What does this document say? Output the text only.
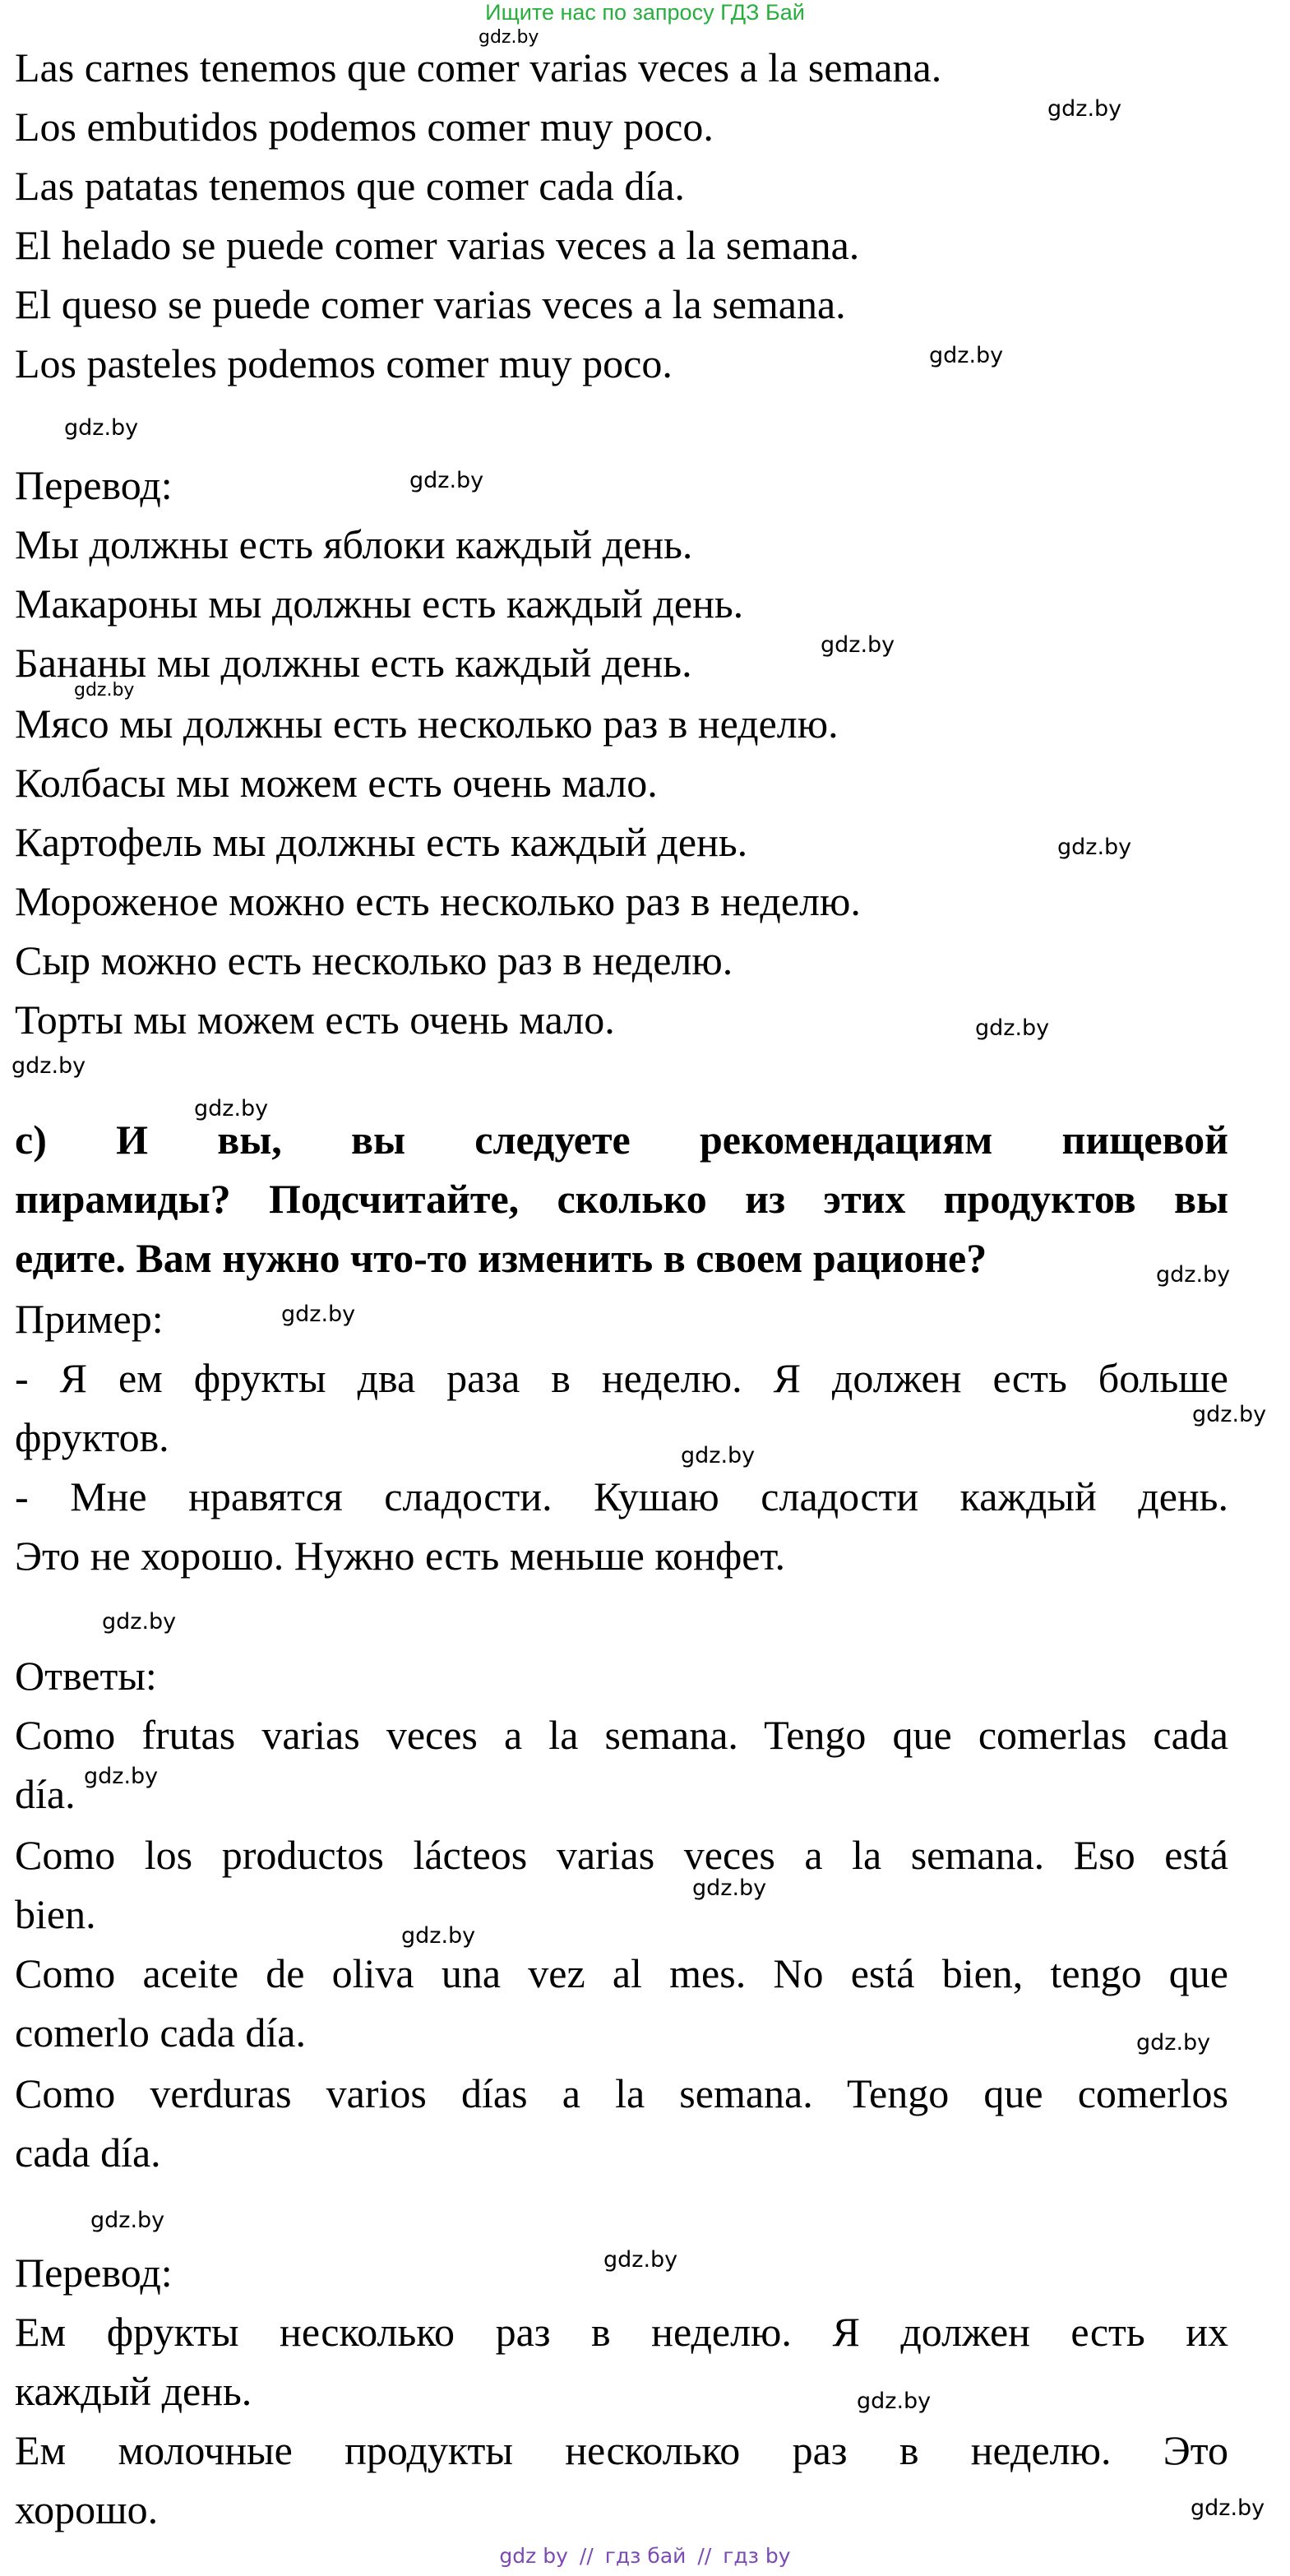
Ищите нас по запросу ГДЗ Бай
gdz.by
gdz.by
gdz.by
gdz.by
gdz.by
gdz.by
gdz.by
gdz.by
gdz.by
gdz.by
gdz.by
gdz.by
gdz.by
gdz.by
gdz.by
gdz.by
gdz.by
gdz.by
gdz.by
gdz.by
gdz.by
gdz.by
gdz.by
gdz.by
Las carnes tenemos que comer varias veces a la semana.
Los embutidos podemos comer muy poco.
Las patatas tenemos que comer cada día.
El helado se puede comer varias veces a la semana.
El queso se puede comer varias veces a la semana.
Los pasteles podemos comer muy poco.
Перевод:
Мы должны есть яблоки каждый день.
Макароны мы должны есть каждый день.
Бананы мы должны есть каждый день.
Мясо мы должны есть несколько раз в неделю.
Колбасы мы можем есть очень мало.
Картофель мы должны есть каждый день.
Мороженое можно есть несколько раз в неделю.
Сыр можно есть несколько раз в неделю.
Торты мы можем есть очень мало.
с) И вы, вы следуете рекомендациям пищевой
пирамиды? Подсчитайте, сколько из этих продуктов вы
едите. Вам нужно что-то изменить в своем рационе?
Пример:
- Я ем фрукты два раза в неделю. Я должен есть больше
фруктов.
- Мне нравятся сладости. Кушаю сладости каждый день.
Это не хорошо. Нужно есть меньше конфет.
Ответы:
Como frutas varias veces a la semana. Tengo que comerlas cada
día.
Como los productos lácteos varias veces a la semana. Eso está
bien.
Como aceite de oliva una vez al mes. No está bien, tengo que
comerlo cada día.
Como verduras varios días a la semana. Tengo que comerlos
cada día.
Перевод:
Ем фрукты несколько раз в неделю. Я должен есть их
каждый день.
Ем молочные продукты несколько раз в неделю. Это
хорошо.
gdz by // гдз бай // гдз by
